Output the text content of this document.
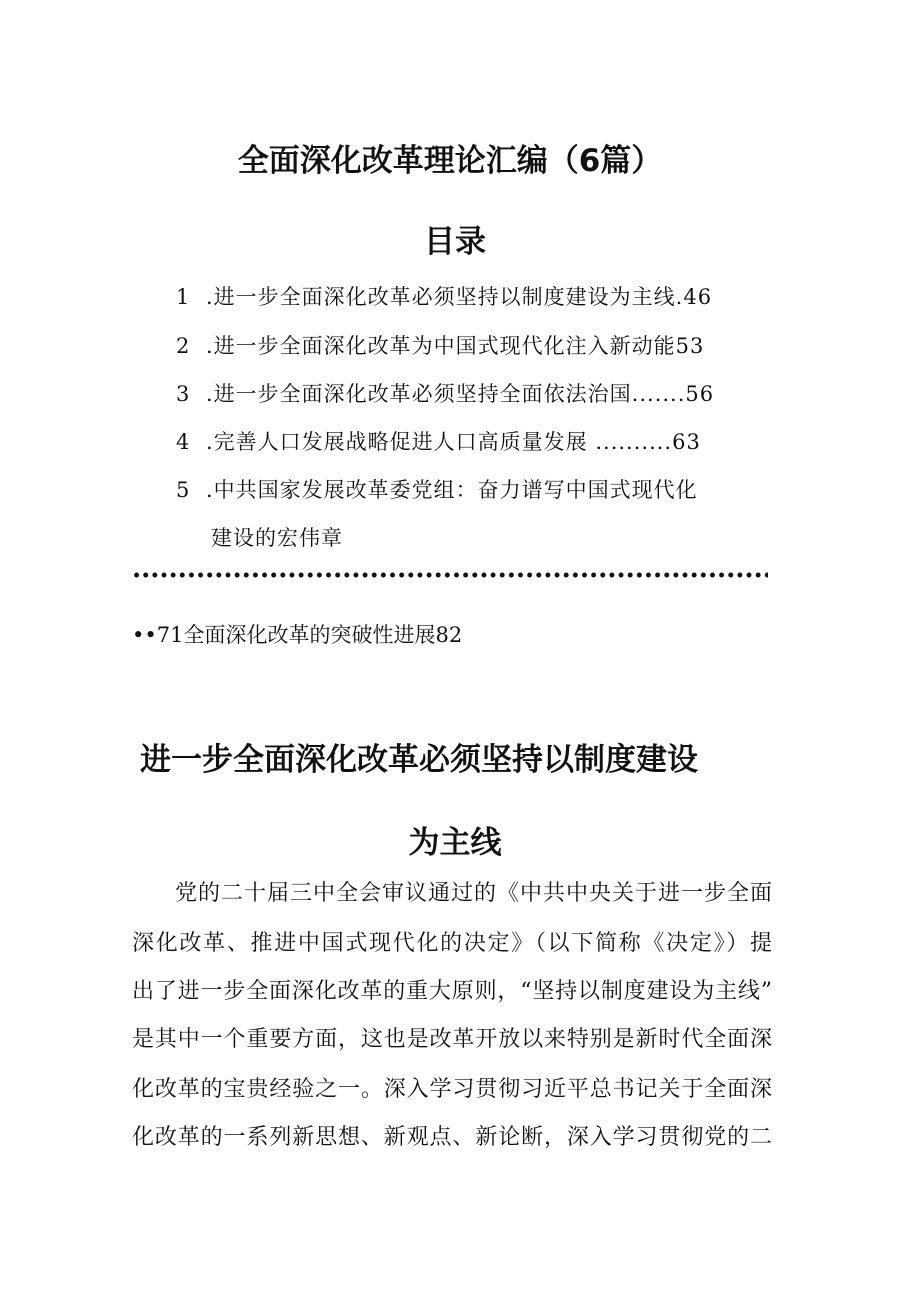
全面深化改革理论汇编（6篇）
目录
1 .进一步全面深化改革必须坚持以制度建设为主线.46
2 .进一步全面深化改革为中国式现代化注入新动能53
3 .进一步全面深化改革必须坚持全面依法治国.......56
4 .完善人口发展战略促进人口高质量发展 ..........63
5 .中共国家发展改革委党组：奋力谱写中国式现代化
建设的宏伟章
••71全面深化改革的突破性进展82
进一步全面深化改革必须坚持以制度建设
为主线
党的二十届三中全会审议通过的《中共中央关于进一步全面
深化改革、推进中国式现代化的决定》（以下简称《决定》）提
出了进一步全面深化改革的重大原则，“坚持以制度建设为主线”
是其中一个重要方面，这也是改革开放以来特别是新时代全面深
化改革的宝贵经验之一。深入学习贯彻习近平总书记关于全面深
化改革的一系列新思想、新观点、新论断，深入学习贯彻党的二
